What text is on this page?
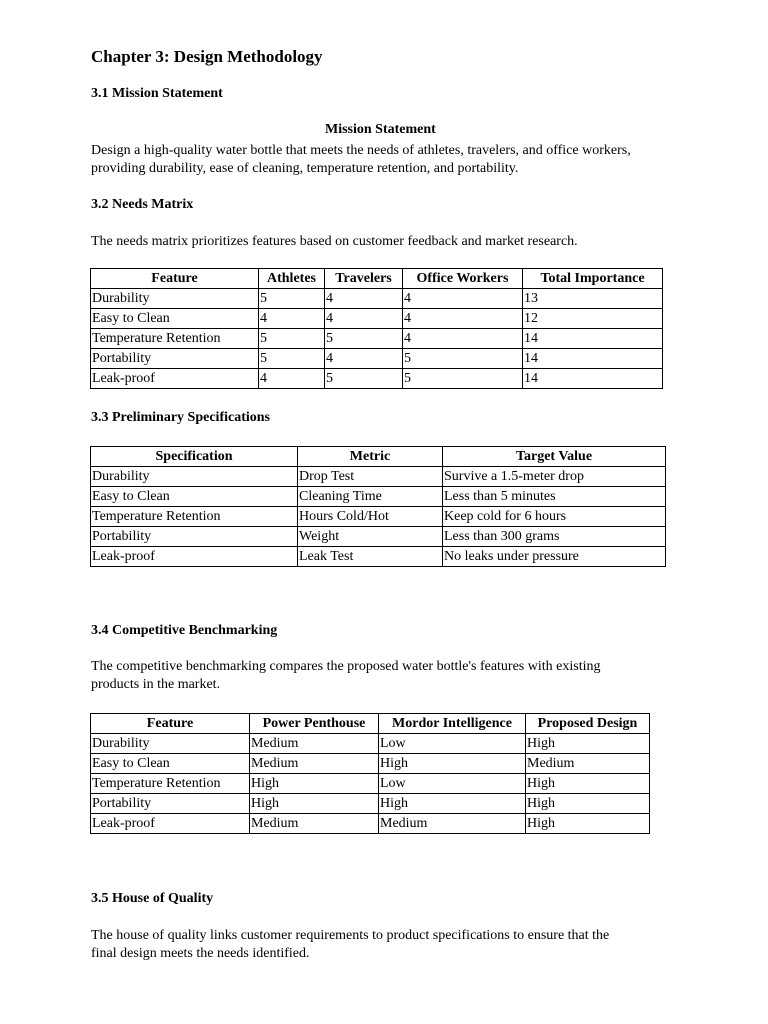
Chapter 3: Design Methodology
3.1 Mission Statement
Mission Statement

Design a high-quality water bottle that meets the needs of athletes, travelers, and office workers,

providing durability, ease of cleaning, temperature retention, and portability.

3.2 Needs Matrix

The needs matrix prioritizes features based on customer feedback and market research.

Feature	Athletes	Travelers	Office Workers	Total Importance
Durability	5	4	4	13
Easy to Clean	4	4	4	12
Temperature Retention	5	5	4	14
Portability	5	4	5	14
Leak-proof	4	5	5	14
3.3 Preliminary Specifications
Specification	Metric	Target Value
Durability	Drop Test	Survive a 1.5-meter drop
Easy to Clean	Cleaning Time	Less than 5 minutes
Temperature Retention	Hours Cold/Hot	Keep cold for 6 hours
Portability	Weight	Less than 300 grams
Leak-proof	Leak Test	No leaks under pressure
3.4 Competitive Benchmarking

The competitive benchmarking compares the proposed water bottle's features with existing

products in the market.

Feature	Power Penthouse	Mordor Intelligence	Proposed Design
Durability	Medium	Low	High
Easy to Clean	Medium	High	Medium
Temperature Retention	High	Low	High
Portability	High	High	High
Leak-proof	Medium	Medium	High
3.5 House of Quality

The house of quality links customer requirements to product specifications to ensure that the

final design meets the needs identified.
